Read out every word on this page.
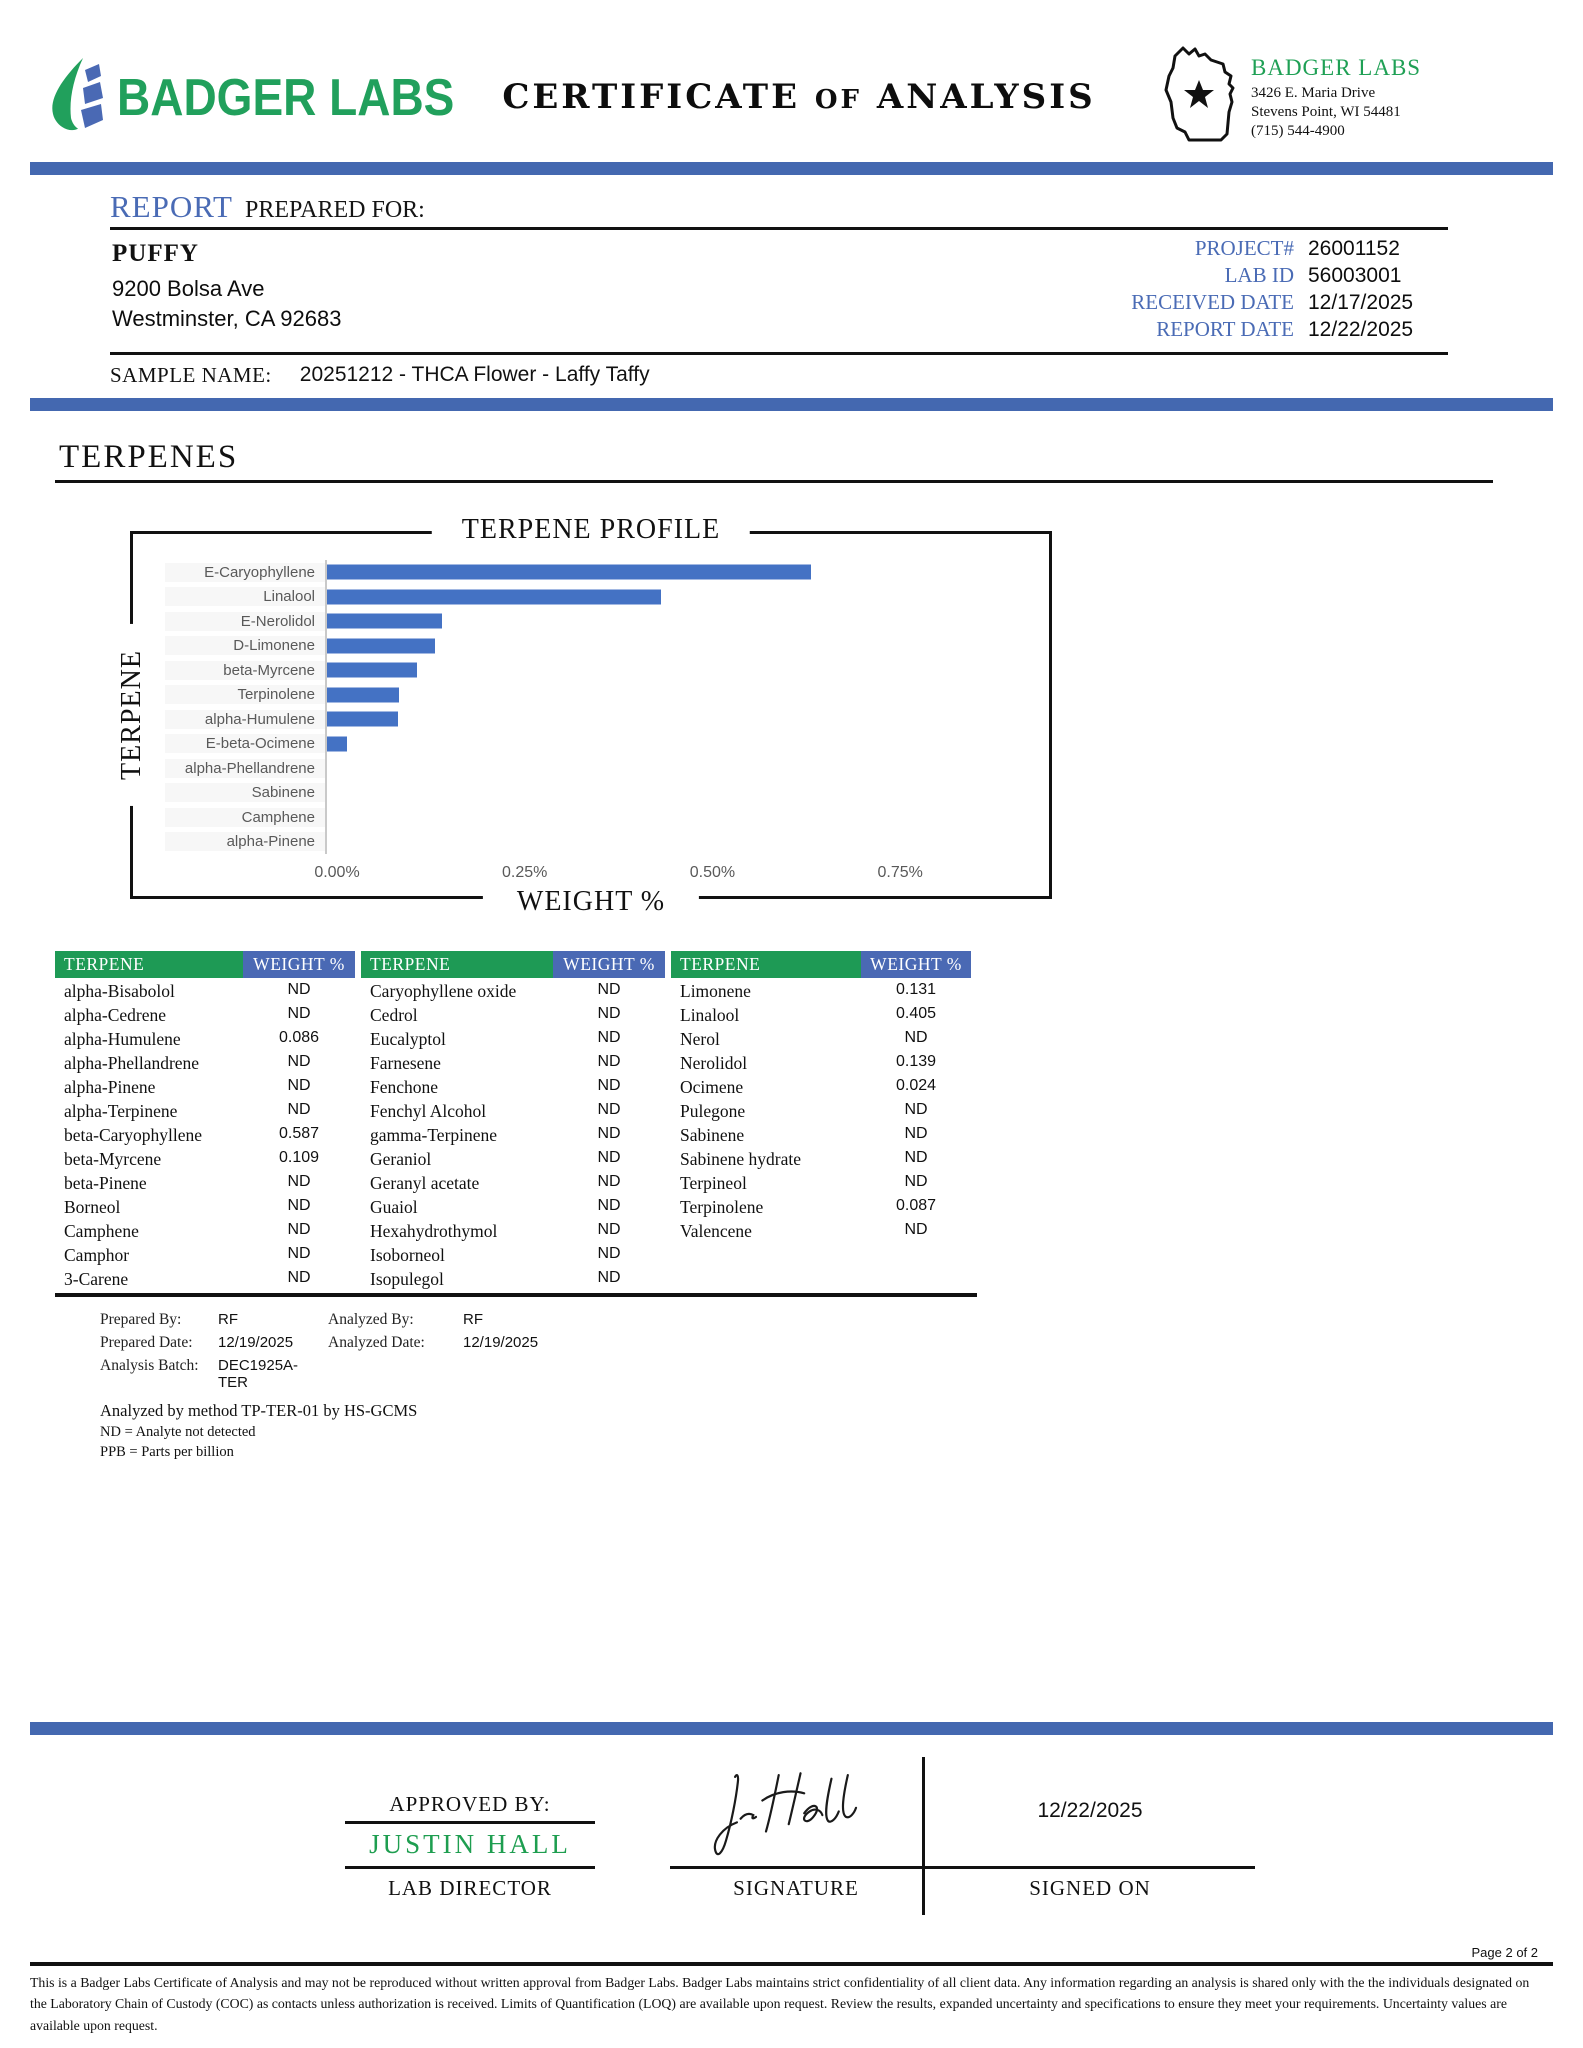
BADGER LABS	CERTIFICATE OF ANALYSIS
BADGER LABS
3426 E. Maria Drive
Stevens Point, WI 54481
(715) 544-4900
REPORT PREPARED FOR:
PUFFY
9200 Bolsa Ave
Westminster, CA 92683
PROJECT# 26001152
LAB ID 56003001
RECEIVED DATE 12/17/2025
REPORT DATE 12/22/2025
SAMPLE NAME: 20251212 - THCA Flower - Laffy Taffy
TERPENES
TERPENE PROFILE
TERPENE
WEIGHT %
E-Caryophyllene
Linalool
E-Nerolidol
D-Limonene
beta-Myrcene
Terpinolene
alpha-Humulene
E-beta-Ocimene
alpha-Phellandrene
Sabinene
Camphene
alpha-Pinene
0.00%	0.25%	0.50%	0.75%
TERPENE	WEIGHT %	TERPENE	WEIGHT %	TERPENE	WEIGHT %
alpha-Bisabolol	ND	Caryophyllene oxide	ND	Limonene	0.131
alpha-Cedrene	ND	Cedrol	ND	Linalool	0.405
alpha-Humulene	0.086	Eucalyptol	ND	Nerol	ND
alpha-Phellandrene	ND	Farnesene	ND	Nerolidol	0.139
alpha-Pinene	ND	Fenchone	ND	Ocimene	0.024
alpha-Terpinene	ND	Fenchyl Alcohol	ND	Pulegone	ND
beta-Caryophyllene	0.587	gamma-Terpinene	ND	Sabinene	ND
beta-Myrcene	0.109	Geraniol	ND	Sabinene hydrate	ND
beta-Pinene	ND	Geranyl acetate	ND	Terpineol	ND
Borneol	ND	Guaiol	ND	Terpinolene	0.087
Camphene	ND	Hexahydrothymol	ND	Valencene	ND
Camphor	ND	Isoborneol	ND
3-Carene	ND	Isopulegol	ND
Prepared By:	RF	Analyzed By:	RF
Prepared Date:	12/19/2025	Analyzed Date:	12/19/2025
Analysis Batch:	DEC1925A-TER
Analyzed by method TP-TER-01 by HS-GCMS
ND = Analyte not detected
PPB = Parts per billion
APPROVED BY:
JUSTIN HALL
LAB DIRECTOR	SIGNATURE
12/22/2025
SIGNED ON
Page 2 of 2
This is a Badger Labs Certificate of Analysis and may not be reproduced without written approval from Badger Labs. Badger Labs maintains strict confidentiality of all client data. Any information regarding an analysis is shared only with the the individuals designated on the Laboratory Chain of Custody (COC) as contacts unless authorization is received. Limits of Quantification (LOQ) are available upon request. Review the results, expanded uncertainty and specifications to ensure they meet your requirements. Uncertainty values are available upon request.
